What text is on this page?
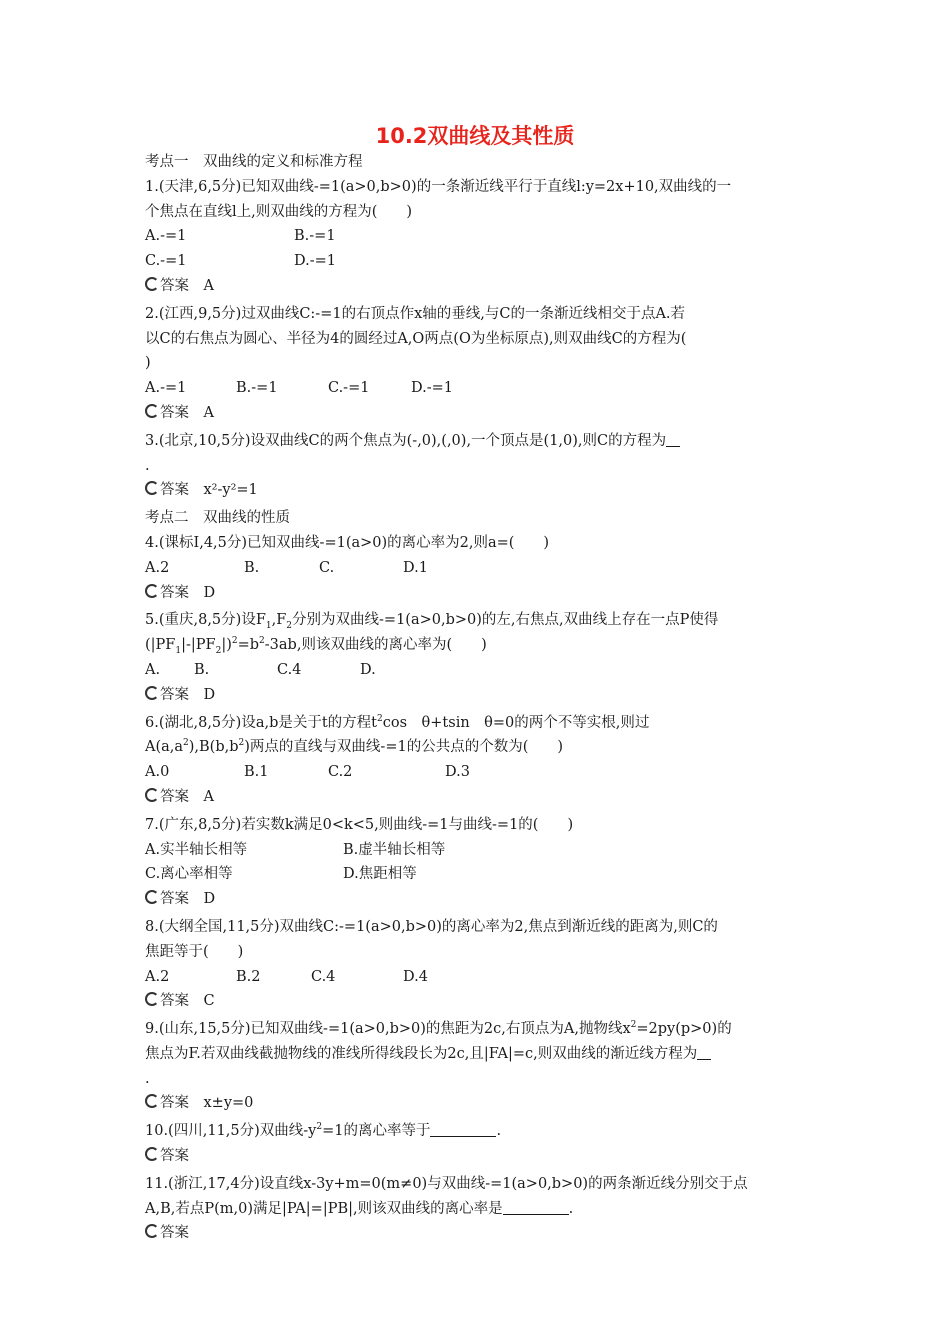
10.2双曲线及其性质
考点一　双曲线的定义和标准方程
1.(天津,6,5分)已知双曲线-=1(a>0,b>0)的一条渐近线平行于直线l:y=2x+10,双曲线的一
个焦点在直线l上,则双曲线的方程为(　　)
A.-=1	B.-=1
C.-=1	D.-=1
答案　 A
2.(江西,9,5分)过双曲线C:-=1的右顶点作x轴的垂线,与C的一条渐近线相交于点A.若
以C的右焦点为圆心、半径为4的圆经过A,O两点(O为坐标原点),则双曲线C的方程为(
)
A.-=1	B.-=1	C.-=1	D.-=1
答案　 A
3.(北京,10,5分)设双曲线C的两个焦点为(-,0),(,0),一个顶点是(1,0),则C的方程为
.
答案　 x²-y²=1
考点二　双曲线的性质
4.(课标Ⅰ,4,5分)已知双曲线-=1(a>0)的离心率为2,则a=(　　)
A.2	B.	C.	D.1
答案　 D
5.(重庆,8,5分)设$F_1,F_2$分别为双曲线-=1(a>0,b>0)的左,右焦点,双曲线上存在一点P使得
$(|PF_1|-|PF_2|)^2=b^2-3ab$,则该双曲线的离心率为(　　)
A. B.	C.4	D.
答案　 D
6.(湖北,8,5分)设a,b是关于t的方程$t^2\cos$　θ+tsin　θ=0的两个不等实根,则过
$A(a,a^2),B(b,b^2)$两点的直线与双曲线-=1的公共点的个数为(　　)
A.0	B.1	C.2	D.3
答案　 A
7.(广东,8,5分)若实数k满足0<k<5,则曲线-=1与曲线-=1的(　　)
A.实半轴长相等	B.虚半轴长相等
C.离心率相等	D.焦距相等
答案　 D
8.(大纲全国,11,5分)双曲线C:-=1(a>0,b>0)的离心率为2,焦点到渐近线的距离为,则C的
焦距等于(　　)
A.2	B.2	C.4	D.4
答案　 C
9.(山东,15,5分)已知双曲线-=1(a>0,b>0)的焦距为2c,右顶点为A,抛物线$x^2=2py(p>0)$的
焦点为F.若双曲线截抛物线的准线所得线段长为2c,且|FA|=c,则双曲线的渐近线方程为
.
答案　 x±y=0
10.(四川,11,5分)双曲线$-y^2=1$的离心率等于	.
答案
11.(浙江,17,4分)设直线x-3y+m=0(m≠0)与双曲线-=1(a>0,b>0)的两条渐近线分别交于点
A,B,若点P(m,0)满足|PA|=|PB|,则该双曲线的离心率是	.
答案
